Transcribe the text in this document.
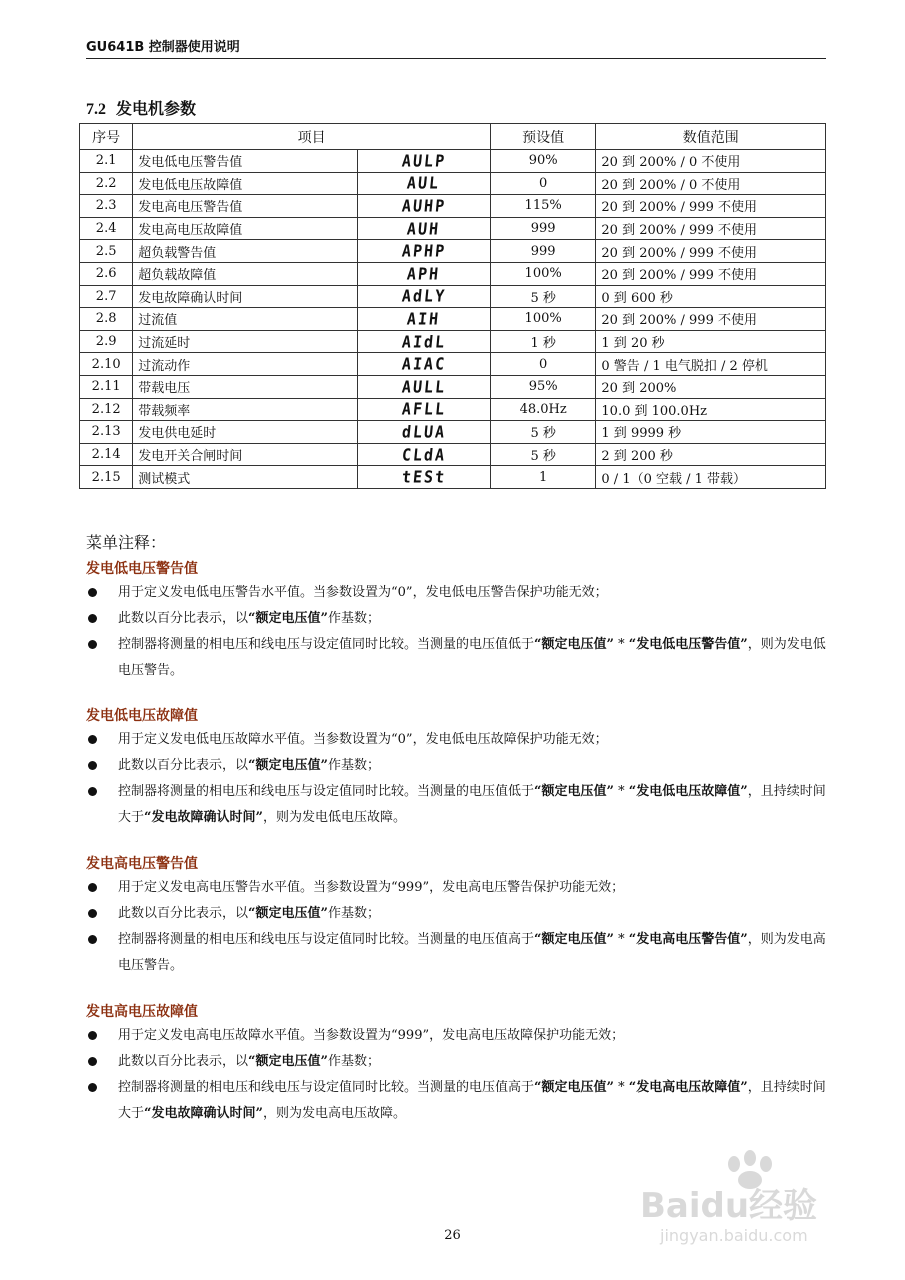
GU641B 控制器使用说明
7.2 发电机参数
序号	项目		预设值	数值范围
2.1	发电低电压警告值	AULP	90%	20 到 200% / 0 不使用
2.2	发电低电压故障值	AUL	0	20 到 200% / 0 不使用
2.3	发电高电压警告值	AUHP	115%	20 到 200% / 999 不使用
2.4	发电高电压故障值	AUH	999	20 到 200% / 999 不使用
2.5	超负载警告值	APHP	999	20 到 200% / 999 不使用
2.6	超负载故障值	APH	100%	20 到 200% / 999 不使用
2.7	发电故障确认时间	AdLY	5 秒	0 到 600 秒
2.8	过流值	AIH	100%	20 到 200% / 999 不使用
2.9	过流延时	AIdL	1 秒	1 到 20 秒
2.10	过流动作	AIAC	0	0 警告 / 1 电气脱扣 / 2 停机
2.11	带载电压	AULL	95%	20 到 200%
2.12	带载频率	AFLL	48.0Hz	10.0 到 100.0Hz
2.13	发电供电延时	dLUA	5 秒	1 到 9999 秒
2.14	发电开关合闸时间	CLdA	5 秒	2 到 200 秒
2.15	测试模式	tESt	1	0 / 1（0 空载 / 1 带载）
菜单注释：
发电低电压警告值
用于定义发电低电压警告水平值。当参数设置为“0”，发电低电压警告保护功能无效；
此数以百分比表示，以“额定电压值”作基数；
控制器将测量的相电压和线电压与设定值同时比较。当测量的电压值低于“额定电压值” * “发电低电压警告值”，则为发电低电压警告。
发电低电压故障值
用于定义发电低电压故障水平值。当参数设置为“0”，发电低电压故障保护功能无效；
此数以百分比表示，以“额定电压值”作基数；
控制器将测量的相电压和线电压与设定值同时比较。当测量的电压值低于“额定电压值” * “发电低电压故障值”，且持续时间大于“发电故障确认时间”，则为发电低电压故障。
发电高电压警告值
用于定义发电高电压警告水平值。当参数设置为“999”，发电高电压警告保护功能无效；
此数以百分比表示，以“额定电压值”作基数；
控制器将测量的相电压和线电压与设定值同时比较。当测量的电压值高于“额定电压值” * “发电高电压警告值”，则为发电高电压警告。
发电高电压故障值
用于定义发电高电压故障水平值。当参数设置为“999”，发电高电压故障保护功能无效；
此数以百分比表示，以“额定电压值”作基数；
控制器将测量的相电压和线电压与设定值同时比较。当测量的电压值高于“额定电压值” * “发电高电压故障值”，且持续时间大于“发电故障确认时间”，则为发电高电压故障。
26
Baidu经验
jingyan.baidu.com
